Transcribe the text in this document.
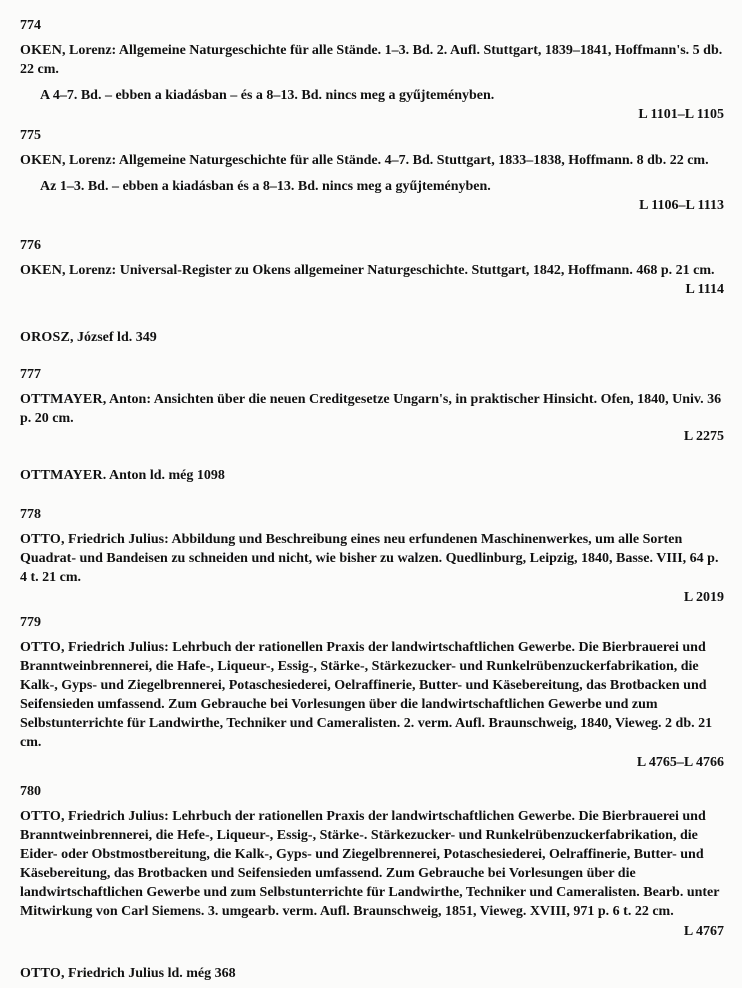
774
OKEN, Lorenz: Allgemeine Naturgeschichte für alle Stände. 1–3. Bd. 2. Aufl. Stuttgart, 1839–1841, Hoffmann's. 5 db. 22 cm.
A 4–7. Bd. – ebben a kiadásban – és a 8–13. Bd. nincs meg a gyűjteményben.
L 1101–L 1105
775
OKEN, Lorenz: Allgemeine Naturgeschichte für alle Stände. 4–7. Bd. Stuttgart, 1833–1838, Hoffmann. 8 db. 22 cm.
Az 1–3. Bd. – ebben a kiadásban és a 8–13. Bd. nincs meg a gyűjteményben.
L 1106–L 1113
776
OKEN, Lorenz: Universal-Register zu Okens allgemeiner Naturgeschichte. Stuttgart, 1842, Hoffmann. 468 p. 21 cm.
L 1114
OROSZ, József ld. 349
777
OTTMAYER, Anton: Ansichten über die neuen Creditgesetze Ungarn's, in praktischer Hinsicht. Ofen, 1840, Univ. 36 p. 20 cm.
L 2275
OTTMAYER. Anton ld. még 1098
778
OTTO, Friedrich Julius: Abbildung und Beschreibung eines neu erfundenen Maschinenwerkes, um alle Sorten Quadrat- und Bandeisen zu schneiden und nicht, wie bisher zu walzen. Quedlinburg, Leipzig, 1840, Basse. VIII, 64 p. 4 t. 21 cm.
L 2019
779
OTTO, Friedrich Julius: Lehrbuch der rationellen Praxis der landwirtschaftlichen Gewerbe. Die Bierbrauerei und Branntweinbrennerei, die Hafe-, Liqueur-, Essig-, Stärke-, Stärkezucker- und Runkelrübenzuckerfabrikation, die Kalk-, Gyps- und Ziegelbrennerei, Potaschesiederei, Oelraffinerie, Butter- und Käsebereitung, das Brotbacken und Seifensieden umfassend. Zum Gebrauche bei Vorlesungen über die landwirtschaftlichen Gewerbe und zum Selbstunterrichte für Landwirthe, Techniker und Cameralisten. 2. verm. Aufl. Braunschweig, 1840, Vieweg. 2 db. 21 cm.
L 4765–L 4766
780
OTTO, Friedrich Julius: Lehrbuch der rationellen Praxis der landwirtschaftlichen Gewerbe. Die Bierbrauerei und Branntweinbrennerei, die Hefe-, Liqueur-, Essig-, Stärke-. Stärkezucker- und Runkelrübenzuckerfabrikation, die Eider- oder Obstmostbereitung, die Kalk-, Gyps- und Ziegelbrennerei, Potaschesiederei, Oelraffinerie, Butter- und Käsebereitung, das Brotbacken und Seifensieden umfassend. Zum Gebrauche bei Vorlesungen über die landwirtschaftlichen Gewerbe und zum Selbstunterrichte für Landwirthe, Techniker und Cameralisten. Bearb. unter Mitwirkung von Carl Siemens. 3. umgearb. verm. Aufl. Braunschweig, 1851, Vieweg. XVIII, 971 p. 6 t. 22 cm.
L 4767
OTTO, Friedrich Julius ld. még 368
